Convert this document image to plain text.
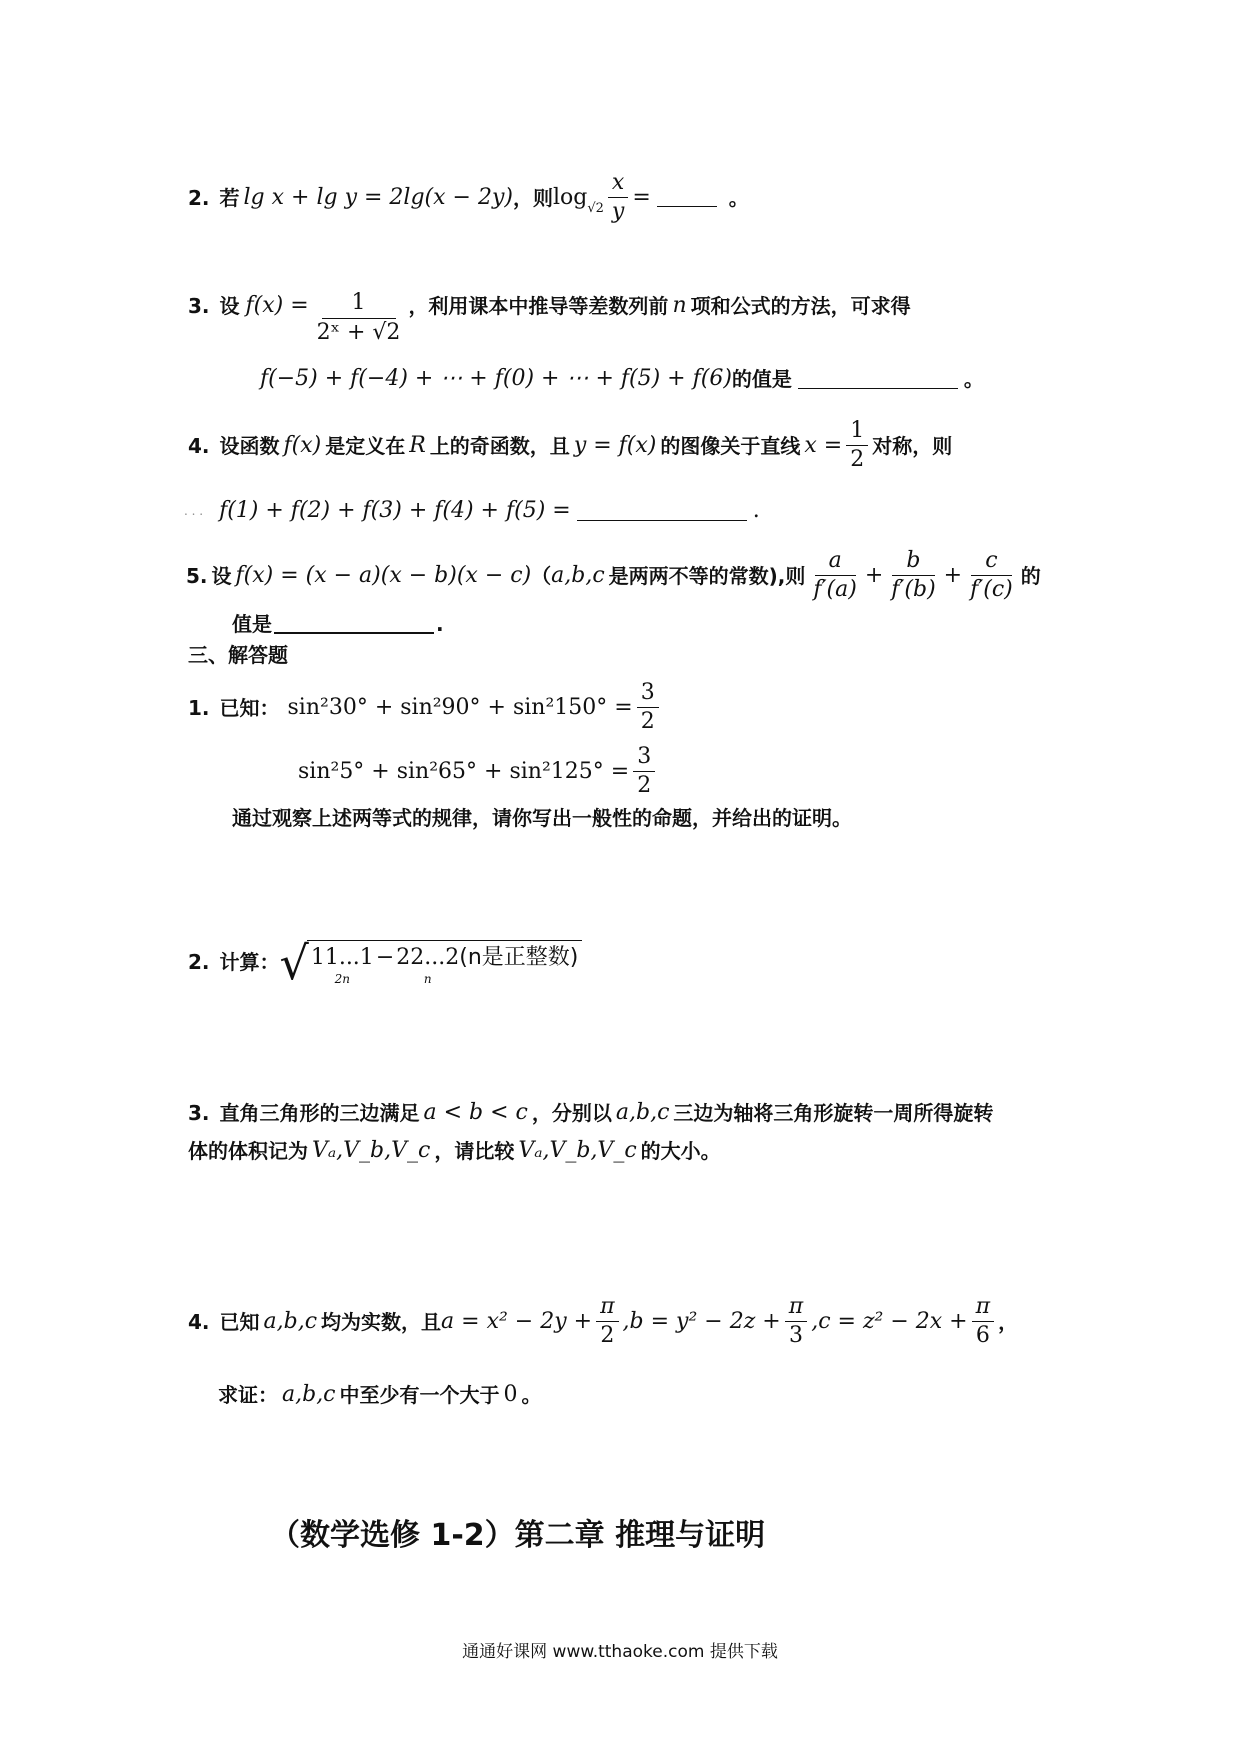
2. 若 lg x + lg y = 2lg(x − 2y) ，则 $\log √2 \frac{x}{y}$ =	。
3. 设 $f(x) = \frac{1}{\text{2ˣ + √2}}$ ，利用课本中推导等差数列前 n 项和公式的方法，可求得
f(−5) + f(−4) + ⋯ + f(0) + ⋯ + f(5) + f(6) 的值是	。
4. 设函数 f(x) 是定义在 R 上的奇函数，且 y = f(x) 的图像关于直线 $x = \frac{1}{2}$ 对称，则
. . . f(1) + f(2) + f(3) + f(4) + f(5) =	.
5. 设 f(x) = (x − a)(x − b)(x − c) （ a,b,c 是两两不等的常数),则 $\frac{a}{f'(a)} + \frac{b}{f'(b)} + \frac{c}{f'(c)}$ 的
值是	.
三、解答题
1. 已知： $\sin^230^\circ + \sin^290^\circ + \sin^2150^\circ = \frac{3}{2}$
$\sin^25^\circ + \sin^265^\circ + \sin^2125^\circ = \frac{3}{2}$
通过观察上述两等式的规律，请你写出一般性的命题，并给出的证明。
2. 计算： √ 11...1
2n
− 22...2
n
(n是正整数)
3. 直角三角形的三边满足 a < b < c ，分别以 a,b,c 三边为轴将三角形旋转一周所得旋转
体的体积记为 Vₐ,V_b,V_c ，请比较 Vₐ,V_b,V_c 的大小。
4. 已知 a,b,c 均为实数，且 $a = x^2 - 2y + \frac{\pi}{2} ,b = y^2 - 2z + \frac{\pi}{3} ,c = z^2 - 2x + \frac{\pi}{6}$ ，
求证： a,b,c 中至少有一个大于 0 。
（数学选修 1-2）第二章 推理与证明
通通好课网 www.tthaoke.com 提供下载
